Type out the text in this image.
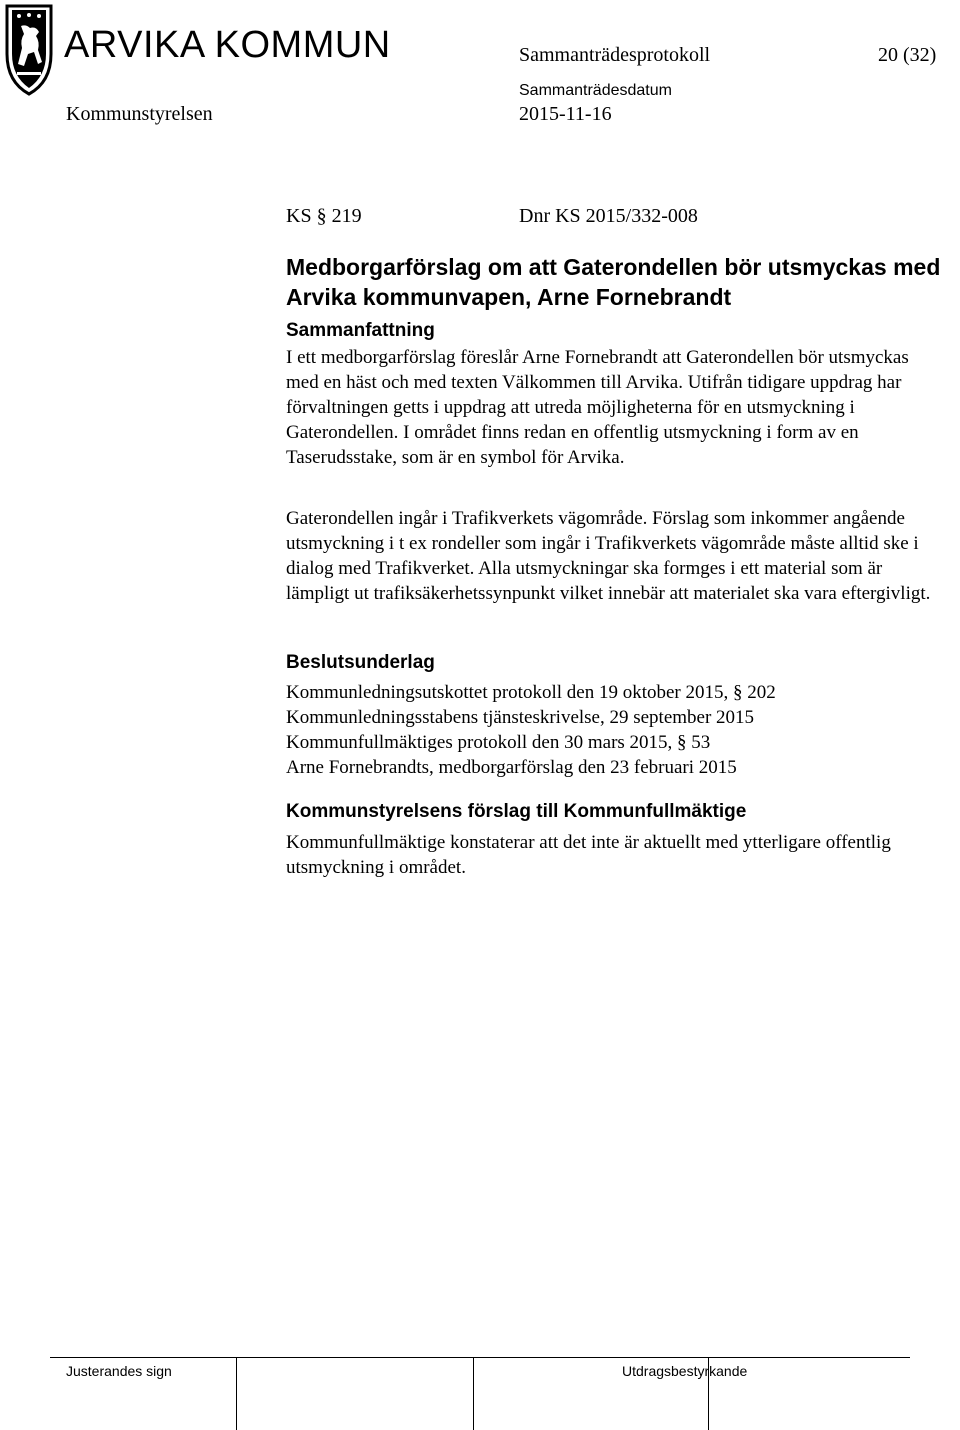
ARVIKA KOMMUN	Sammanträdesprotokoll	20 (32)
Kommunstyrelsen
Sammanträdesdatum
2015-11-16
KS § 219	Dnr KS 2015/332-008
Medborgarförslag om att Gaterondellen bör utsmyckas med Arvika kommunvapen, Arne Fornebrandt
Sammanfattning

I ett medborgarförslag föreslår Arne Fornebrandt att Gaterondellen bör utsmyckas med en häst och med texten Välkommen till Arvika. Utifrån tidigare uppdrag har förvaltningen getts i uppdrag att utreda möjligheterna för en utsmyckning i Gaterondellen. I området finns redan en offentlig utsmyckning i form av en Taserudsstake, som är en symbol för Arvika.

Gaterondellen ingår i Trafikverkets vägområde. Förslag som inkommer angående utsmyckning i t ex rondeller som ingår i Trafikverkets vägområde måste alltid ske i dialog med Trafikverket. Alla utsmyckningar ska formges i ett material som är lämpligt ut trafiksäkerhetssynpunkt vilket innebär att materialet ska vara eftergivligt.

Beslutsunderlag

Kommunledningsutskottet protokoll den 19 oktober 2015, § 202

Kommunledningsstabens tjänsteskrivelse, 29 september 2015

Kommunfullmäktiges protokoll den 30 mars 2015, § 53

Arne Fornebrandts, medborgarförslag den 23 februari 2015

Kommunstyrelsens förslag till Kommunfullmäktige

Kommunfullmäktige konstaterar att det inte är aktuellt med ytterligare offentlig utsmyckning i området.

Justerandes sign	Utdragsbestyrkande
